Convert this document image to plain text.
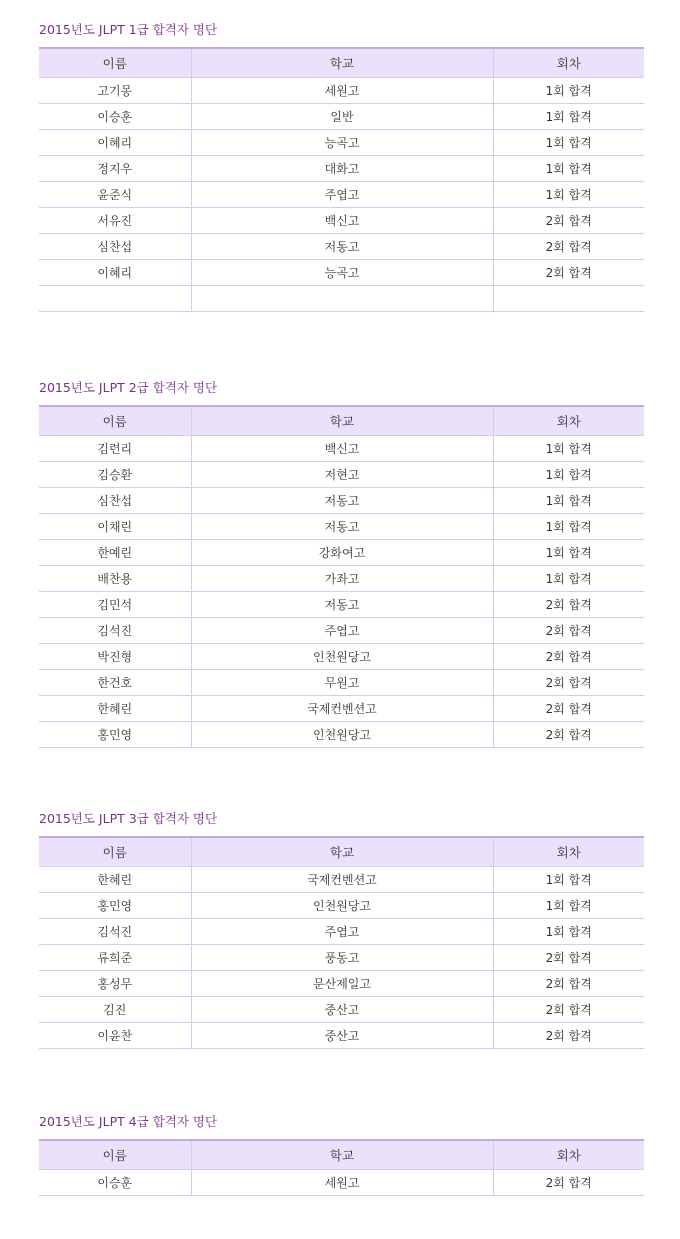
2015년도 JLPT 1급 합격자 명단
이름	학교	회차
고기몽	세원고	1회 합격
이승훈	일반	1회 합격
이혜리	능곡고	1회 합격
정지우	대화고	1회 합격
윤준식	주엽고	1회 합격
서유진	백신고	2회 합격
심찬섭	저동고	2회 합격
이혜리	능곡고	2회 합격

2015년도 JLPT 2급 합격자 명단
이름	학교	회차
김련리	백신고	1회 합격
김승환	저현고	1회 합격
심찬섭	저동고	1회 합격
이채린	저동고	1회 합격
한예린	강화여고	1회 합격
배찬용	가좌고	1회 합격
김민석	저동고	2회 합격
김석진	주엽고	2회 합격
박진형	인천원당고	2회 합격
한건호	무원고	2회 합격
한혜린	국제컨벤션고	2회 합격
홍민영	인천원당고	2회 합격
2015년도 JLPT 3급 합격자 명단
이름	학교	회차
한혜린	국제컨벤션고	1회 합격
홍민영	인천원당고	1회 합격
김석진	주엽고	1회 합격
류희준	풍동고	2회 합격
홍성무	문산제일고	2회 합격
김진	중산고	2회 합격
이윤찬	중산고	2회 합격
2015년도 JLPT 4급 합격자 명단
이름	학교	회차
이승훈	세원고	2회 합격
